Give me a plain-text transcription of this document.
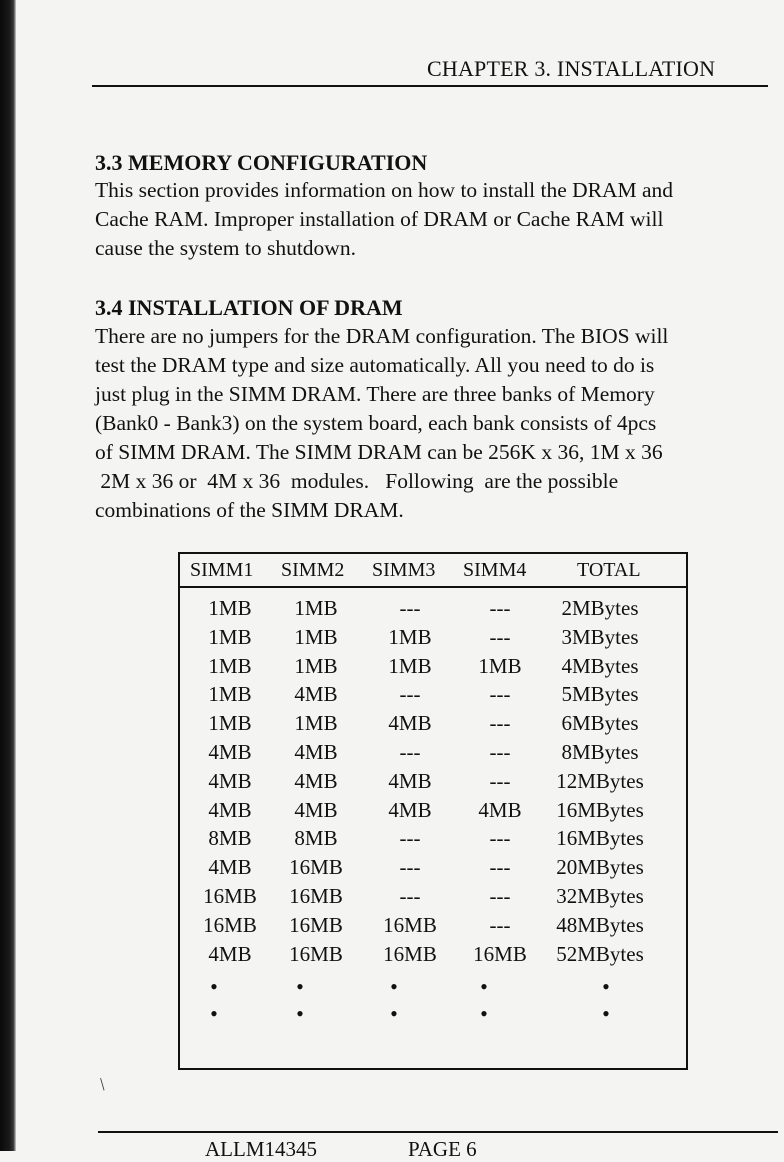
CHAPTER 3. INSTALLATION
3.3 MEMORY CONFIGURATION
This section provides information on how to install the DRAM and
Cache RAM. Improper installation of DRAM or Cache RAM will
cause the system to shutdown.
3.4 INSTALLATION OF DRAM
There are no jumpers for the DRAM configuration. The BIOS will
test the DRAM type and size automatically. All you need to do is
just plug in the SIMM DRAM. There are three banks of Memory
(Bank0 - Bank3) on the system board, each bank consists of 4pcs
of SIMM DRAM. The SIMM DRAM can be 256K x 36, 1M x 36
2M x 36 or  4M x 36  modules.   Following  are the possible
combinations of the SIMM DRAM.
SIMM1 SIMM2 SIMM3 SIMM4	TOTAL
1MB 1MB	---	--- 2MBytes
1MB 1MB 1MB	--- 3MBytes
1MB 1MB 1MB 1MB 4MBytes
1MB 4MB	---	--- 5MBytes
1MB 1MB 4MB	--- 6MBytes
4MB 4MB	---	--- 8MBytes
4MB 4MB 4MB	--- 12MBytes
4MB 4MB 4MB 4MB 16MBytes
8MB 8MB	---	--- 16MBytes
4MB 16MB	---	--- 20MBytes
16MB 16MB	---	--- 32MBytes
16MB 16MB 16MB	--- 48MBytes
4MB 16MB 16MB 16MB 52MBytes
•	•	•	•	•
•	•	•	•	•
/
ALLM14345	PAGE 6
